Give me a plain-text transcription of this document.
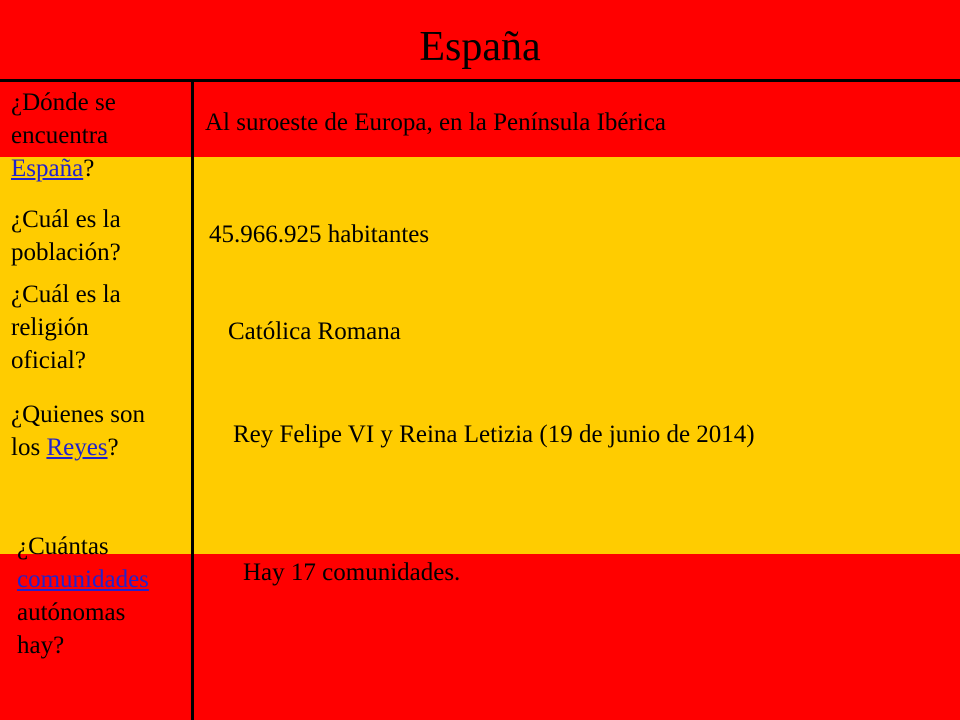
España
¿Dónde se
encuentra
España?
Al suroeste de Europa, en la Península Ibérica
¿Cuál es la
población?
45.966.925 habitantes
¿Cuál es la
religión
oficial?
Católica Romana
¿Quienes son
los Reyes?	Rey Felipe VI y Reina Letizia (19 de junio de 2014)
¿Cuántas
comunidades
autónomas
hay?
Hay 17 comunidades.
